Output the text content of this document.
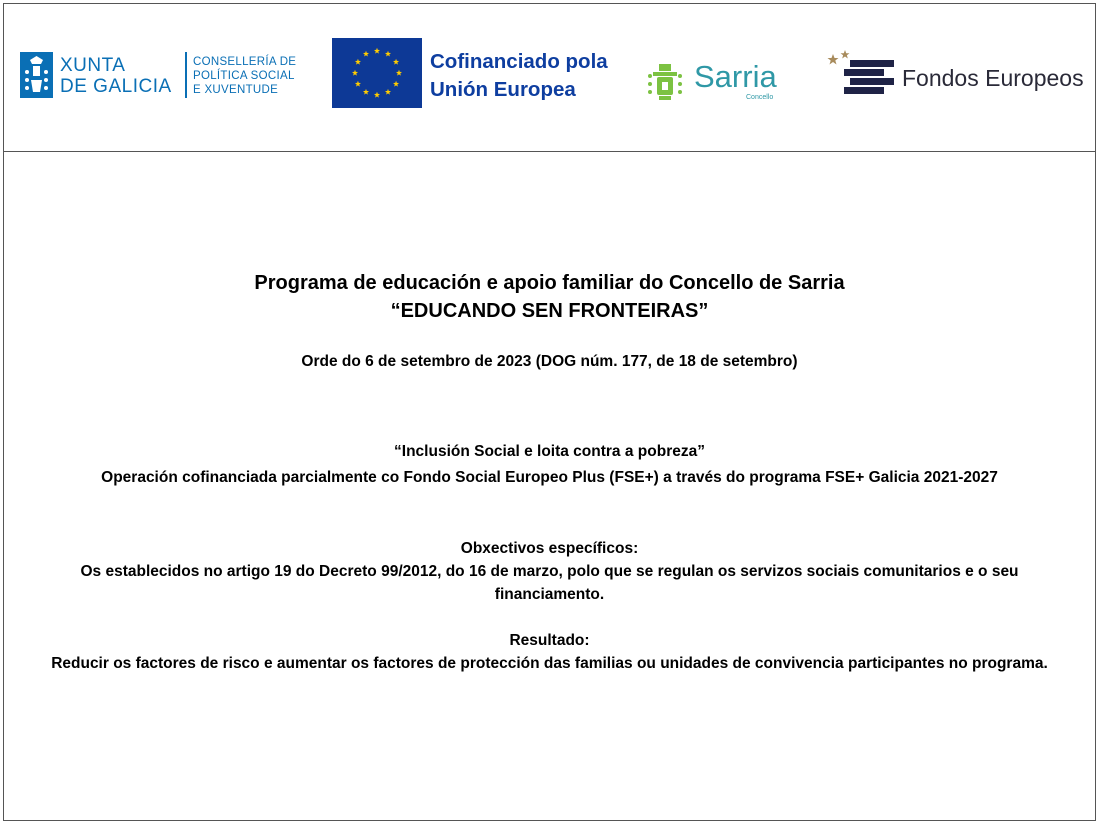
XUNTA
DE GALICIA
CONSELLERÍA DE
POLÍTICA SOCIAL
E XUVENTUDE
Cofinanciado pola
Unión Europea	Sarria
Concello
Fondos Europeos
Programa de educación e apoio familiar do Concello de Sarria
“EDUCANDO SEN FRONTEIRAS”
Orde do 6 de setembro de 2023 (DOG núm. 177, de 18 de setembro)
“Inclusión Social e loita contra a pobreza”
Operación cofinanciada parcialmente co Fondo Social Europeo Plus (FSE+) a través do programa FSE+ Galicia 2021-2027
Obxectivos específicos:
Os establecidos no artigo 19 do Decreto 99/2012, do 16 de marzo, polo que se regulan os servizos sociais comunitarios e o seu
financiamento.
Resultado:
Reducir os factores de risco e aumentar os factores de protección das familias ou unidades de convivencia participantes no programa.
